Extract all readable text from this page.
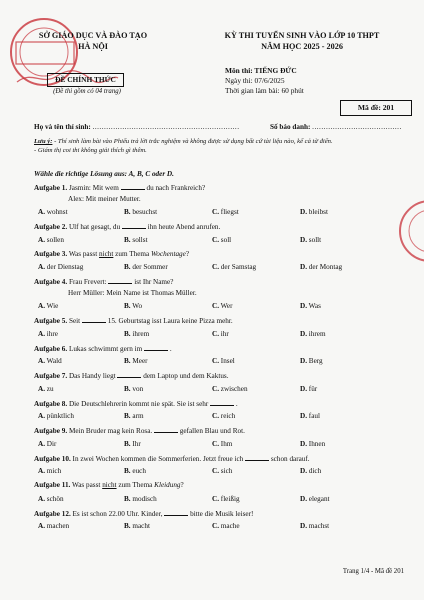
SỞ GIÁO DỤC VÀ ĐÀO TẠO
HÀ NỘI
KỲ THI TUYỂN SINH VÀO LỚP 10 THPT
NĂM HỌC 2025 - 2026
ĐỀ CHÍNH THỨC
(Đề thi gồm có 04 trang)
Môn thi: TIẾNG ĐỨC
Ngày thi: 07/6/2025
Thời gian làm bài: 60 phút
Mã đề: 201
Họ và tên thí sinh: ................................................................	Số báo danh: .......................................
Lưu ý: - Thí sinh làm bài vào Phiếu trả lời trắc nghiệm và không được sử dụng bất cứ tài liệu nào, kể cả từ điển.
- Giám thị coi thi không giải thích gì thêm.
Wähle die richtige Lösung aus: A, B, C oder D.
Aufgabe 1. Jasmin: Mit wem	du nach Frankreich?
Alex: Mit meiner Mutter.
A. wohnst	B. besuchst	C. fliegst	D. bleibst
Aufgabe 2. Ulf hat gesagt, du	ihn heute Abend anrufen.
A. sollen	B. sollst	C. soll	D. sollt
Aufgabe 3. Was passt nicht zum Thema Wochentage?
A. der Dienstag	B. der Sommer	C. der Samstag	D. der Montag
Aufgabe 4. Frau Frevert:	ist Ihr Name?
Herr Müller: Mein Name ist Thomas Müller.
A. Wie	B. Wo	C. Wer	D. Was
Aufgabe 5. Seit	15. Geburtstag isst Laura keine Pizza mehr.
A. ihre	B. ihrem	C. ihr	D. ihrem
Aufgabe 6. Lukas schwimmt gern im	.
A. Wald	B. Meer	C. Insel	D. Berg
Aufgabe 7. Das Handy liegt	dem Laptop und dem Kaktus.
A. zu	B. von	C. zwischen	D. für
Aufgabe 8. Die Deutschlehrerin kommt nie spät. Sie ist sehr	.
A. pünktlich	B. arm	C. reich	D. faul
Aufgabe 9. Mein Bruder mag kein Rosa.	gefallen Blau und Rot.
A. Dir	B. Ihr	C. Ihm	D. Ihnen
Aufgabe 10. In zwei Wochen kommen die Sommerferien. Jetzt freue ich	schon darauf.
A. mich	B. euch	C. sich	D. dich
Aufgabe 11. Was passt nicht zum Thema Kleidung?
A. schön	B. modisch	C. fleißig	D. elegant
Aufgabe 12. Es ist schon 22.00 Uhr. Kinder,	bitte die Musik leiser!
A. machen	B. macht	C. mache	D. machst
Trang 1/4 - Mã đề 201
